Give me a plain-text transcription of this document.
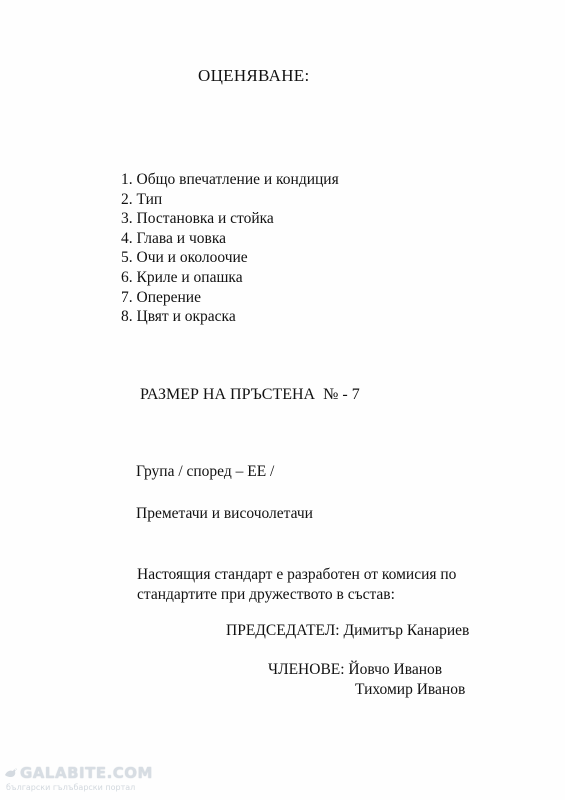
ОЦЕНЯВАНЕ:
1. Общо впечатление и кондиция
2. Тип
3. Постановка и стойка
4. Глава и човка
5. Очи и околоочие
6. Криле и опашка
7. Оперение
8. Цвят и окраска
РАЗМЕР НА ПРЪСТЕНА  № - 7
Група / според – ЕЕ /
Преметачи и височолетачи
Настоящия стандарт е разработен от комисия по
стандартите при дружеството в състав:
ПРЕДСЕДАТЕЛ: Димитър Канариев
ЧЛЕНОВЕ: Йовчо Иванов
Тихомир Иванов
GALABITE.COM
български гълъбарски портал
